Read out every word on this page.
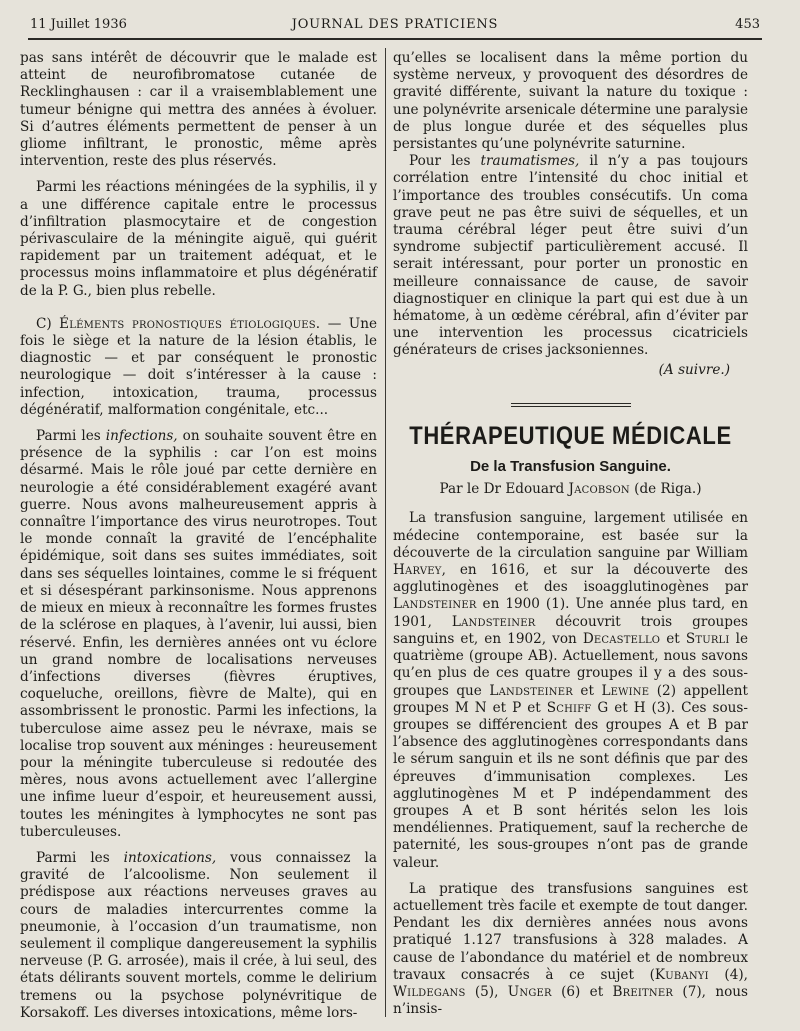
11 Juillet 1936	JOURNAL DES PRATICIENS	453

pas sans intérêt de découvrir que le malade est atteint de neurofibromatose cutanée de Recklinghausen : car il a vraisemblablement une tumeur bénigne qui mettra des années à évoluer. Si d’autres éléments permettent de penser à un gliome infiltrant, le pronostic, même après intervention, reste des plus réservés.

Parmi les réactions méningées de la syphilis, il y a une différence capitale entre le processus d’infiltration plasmocytaire et de congestion périvasculaire de la méningite aiguë, qui guérit rapidement par un traitement adéquat, et le processus moins inflammatoire et plus dégénératif de la P. G., bien plus rebelle.

C) Éléments pronostiques étiologiques. — Une fois le siège et la nature de la lésion établis, le diagnostic — et par conséquent le pronostic neurologique — doit s’intéresser à la cause : infection, intoxication, trauma, processus dégénératif, malformation congénitale, etc...

Parmi les infections, on souhaite souvent être en présence de la syphilis : car l’on est moins désarmé. Mais le rôle joué par cette dernière en neurologie a été considérablement exagéré avant guerre. Nous avons malheureusement appris à connaître l’importance des virus neurotropes. Tout le monde connaît la gravité de l’encéphalite épidémique, soit dans ses suites immédiates, soit dans ses séquelles lointaines, comme le si fréquent et si désespérant parkinsonisme. Nous apprenons de mieux en mieux à reconnaître les formes frustes de la sclérose en plaques, à l’avenir, lui aussi, bien réservé. Enfin, les dernières années ont vu éclore un grand nombre de localisations nerveuses d’infections diverses (fièvres éruptives, coqueluche, oreillons, fièvre de Malte), qui en assombrissent le pronostic. Parmi les infections, la tuberculose aime assez peu le névraxe, mais se localise trop souvent aux méninges : heureusement pour la méningite tuberculeuse si redoutée des mères, nous avons actuellement avec l’allergine une infime lueur d’espoir, et heureusement aussi, toutes les méningites à lymphocytes ne sont pas tuberculeuses.

Parmi les intoxications, vous connaissez la gravité de l’alcoolisme. Non seulement il prédispose aux réactions nerveuses graves au cours de maladies intercurrentes comme la pneumonie, à l’occasion d’un traumatisme, non seulement il complique dangereusement la syphilis nerveuse (P. G. arrosée), mais il crée, à lui seul, des états délirants souvent mortels, comme le delirium tremens ou la psychose polynévritique de Korsakoff. Les diverses intoxications, même lors-

qu’elles se localisent dans la même portion du système nerveux, y provoquent des désordres de gravité différente, suivant la nature du toxique : une polynévrite arsenicale détermine une paralysie de plus longue durée et des séquelles plus persistantes qu’une polynévrite saturnine.

Pour les traumatismes, il n’y a pas toujours corrélation entre l’intensité du choc initial et l’importance des troubles consécutifs. Un coma grave peut ne pas être suivi de séquelles, et un trauma cérébral léger peut être suivi d’un syndrome subjectif particulièrement accusé. Il serait intéressant, pour porter un pronostic en meilleure connaissance de cause, de savoir diagnostiquer en clinique la part qui est due à un hématome, à un œdème cérébral, afin d’éviter par une intervention les processus cicatriciels générateurs de crises jacksoniennes.

(A suivre.)

THÉRAPEUTIQUE MÉDICALE
De la Transfusion Sanguine.
Par le Dr Edouard Jacobson (de Riga.)

La transfusion sanguine, largement utilisée en médecine contemporaine, est basée sur la découverte de la circulation sanguine par William Harvey, en 1616, et sur la découverte des agglutinogènes et des isoagglutinogènes par Landsteiner en 1900 (1). Une année plus tard, en 1901, Landsteiner découvrit trois groupes sanguins et, en 1902, von Decastello et Sturli le quatrième (groupe AB). Actuellement, nous savons qu’en plus de ces quatre groupes il y a des sous-groupes que Landsteiner et Lewine (2) appellent groupes M N et P et Schiff G et H (3). Ces sous-groupes se différencient des groupes A et B par l’absence des agglutinogènes correspondants dans le sérum sanguin et ils ne sont définis que par des épreuves d’immunisation complexes. Les agglutinogènes M et P indépendamment des groupes A et B sont hérités selon les lois mendéliennes. Pratiquement, sauf la recherche de paternité, les sous-groupes n’ont pas de grande valeur.

La pratique des transfusions sanguines est actuellement très facile et exempte de tout danger. Pendant les dix dernières années nous avons pratiqué 1.127 transfusions à 328 malades. A cause de l’abondance du matériel et de nombreux travaux consacrés à ce sujet (Kubanyi (4), Wildegans (5), Unger (6) et Breitner (7), nous n’insis-
